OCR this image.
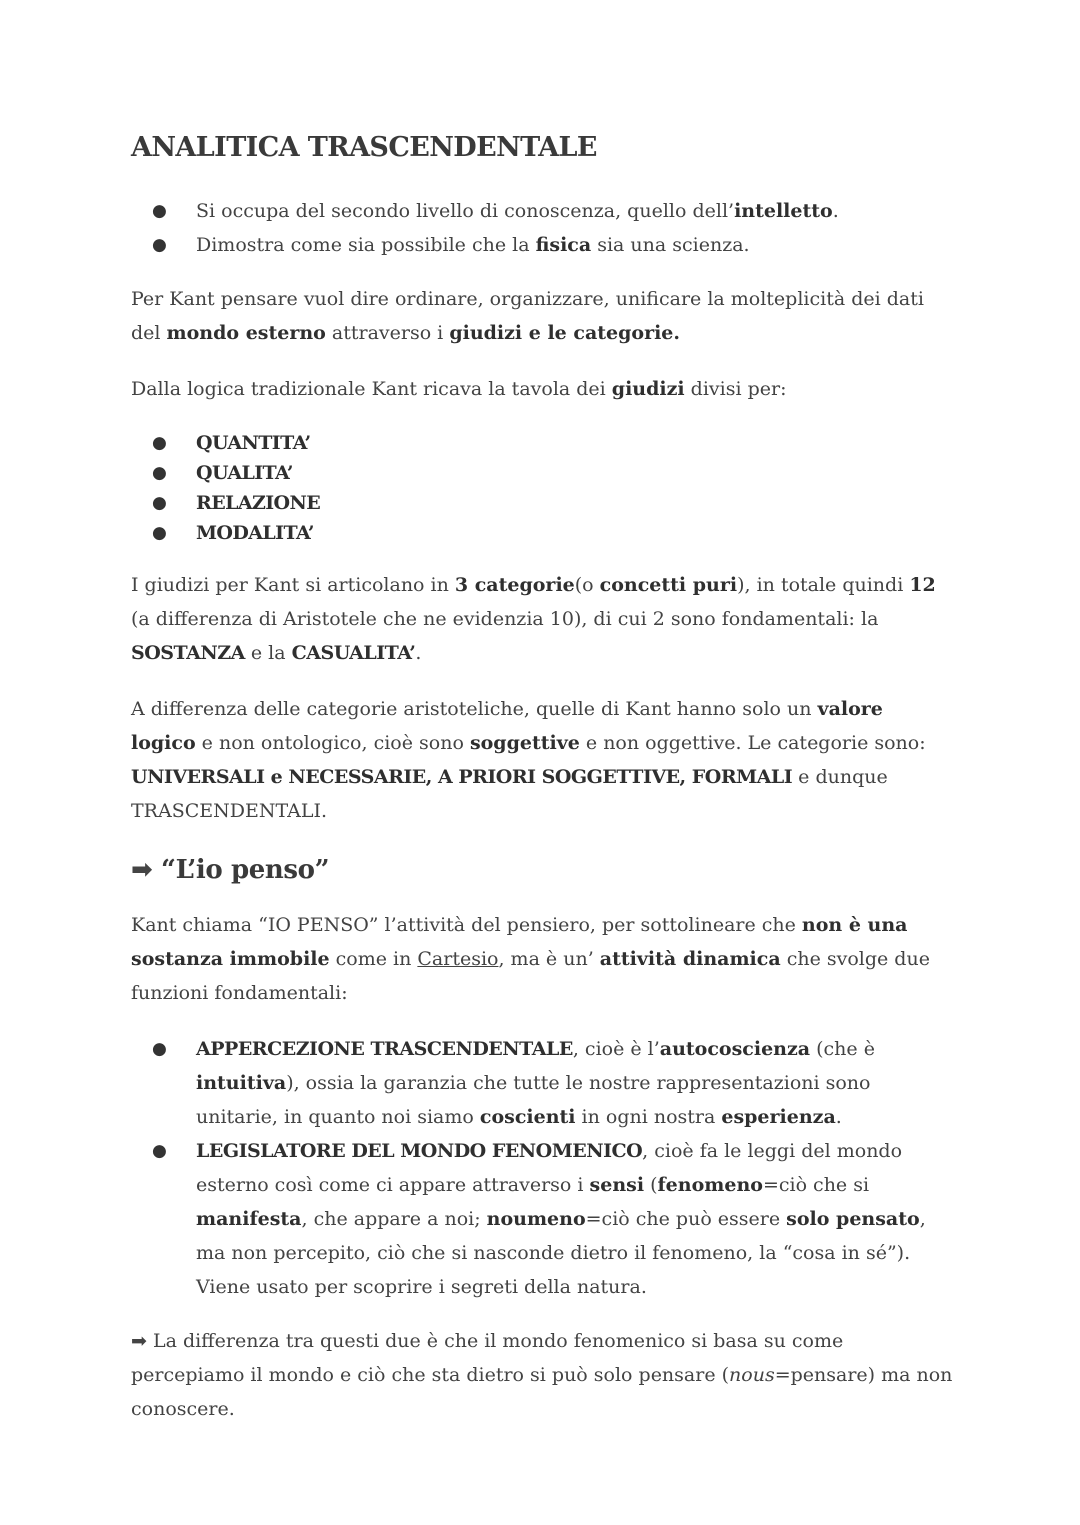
ANALITICA TRASCENDENTALE
● Si occupa del secondo livello di conoscenza, quello dell’intelletto.
● Dimostra come sia possibile che la fisica sia una scienza.

Per Kant pensare vuol dire ordinare, organizzare, unificare la molteplicità dei dati del mondo esterno attraverso i giudizi e le categorie.

Dalla logica tradizionale Kant ricava la tavola dei giudizi divisi per:

● QUANTITA’
● QUALITA’
● RELAZIONE
● MODALITA’

I giudizi per Kant si articolano in 3 categorie(o concetti puri), in totale quindi 12 (a differenza di Aristotele che ne evidenzia 10), di cui 2 sono fondamentali: la SOSTANZA e la CASUALITA’.

A differenza delle categorie aristoteliche, quelle di Kant hanno solo un valore logico e non ontologico, cioè sono soggettive e non oggettive. Le categorie sono: UNIVERSALI e NECESSARIE, A PRIORI SOGGETTIVE, FORMALI e dunque TRASCENDENTALI.

➡ “L’io penso”

Kant chiama “IO PENSO” l’attività del pensiero, per sottolineare che non è una sostanza immobile come in Cartesio, ma è un’ attività dinamica che svolge due funzioni fondamentali:

● APPERCEZIONE TRASCENDENTALE, cioè è l’autocoscienza (che è intuitiva), ossia la garanzia che tutte le nostre rappresentazioni sono unitarie, in quanto noi siamo coscienti in ogni nostra esperienza.
● LEGISLATORE DEL MONDO FENOMENICO, cioè fa le leggi del mondo esterno così come ci appare attraverso i sensi (fenomeno=ciò che si manifesta, che appare a noi; noumeno=ciò che può essere solo pensato, ma non percepito, ciò che si nasconde dietro il fenomeno, la “cosa in sé”). Viene usato per scoprire i segreti della natura.

➡ La differenza tra questi due è che il mondo fenomenico si basa su come percepiamo il mondo e ciò che sta dietro si può solo pensare (nous=pensare) ma non conoscere.
